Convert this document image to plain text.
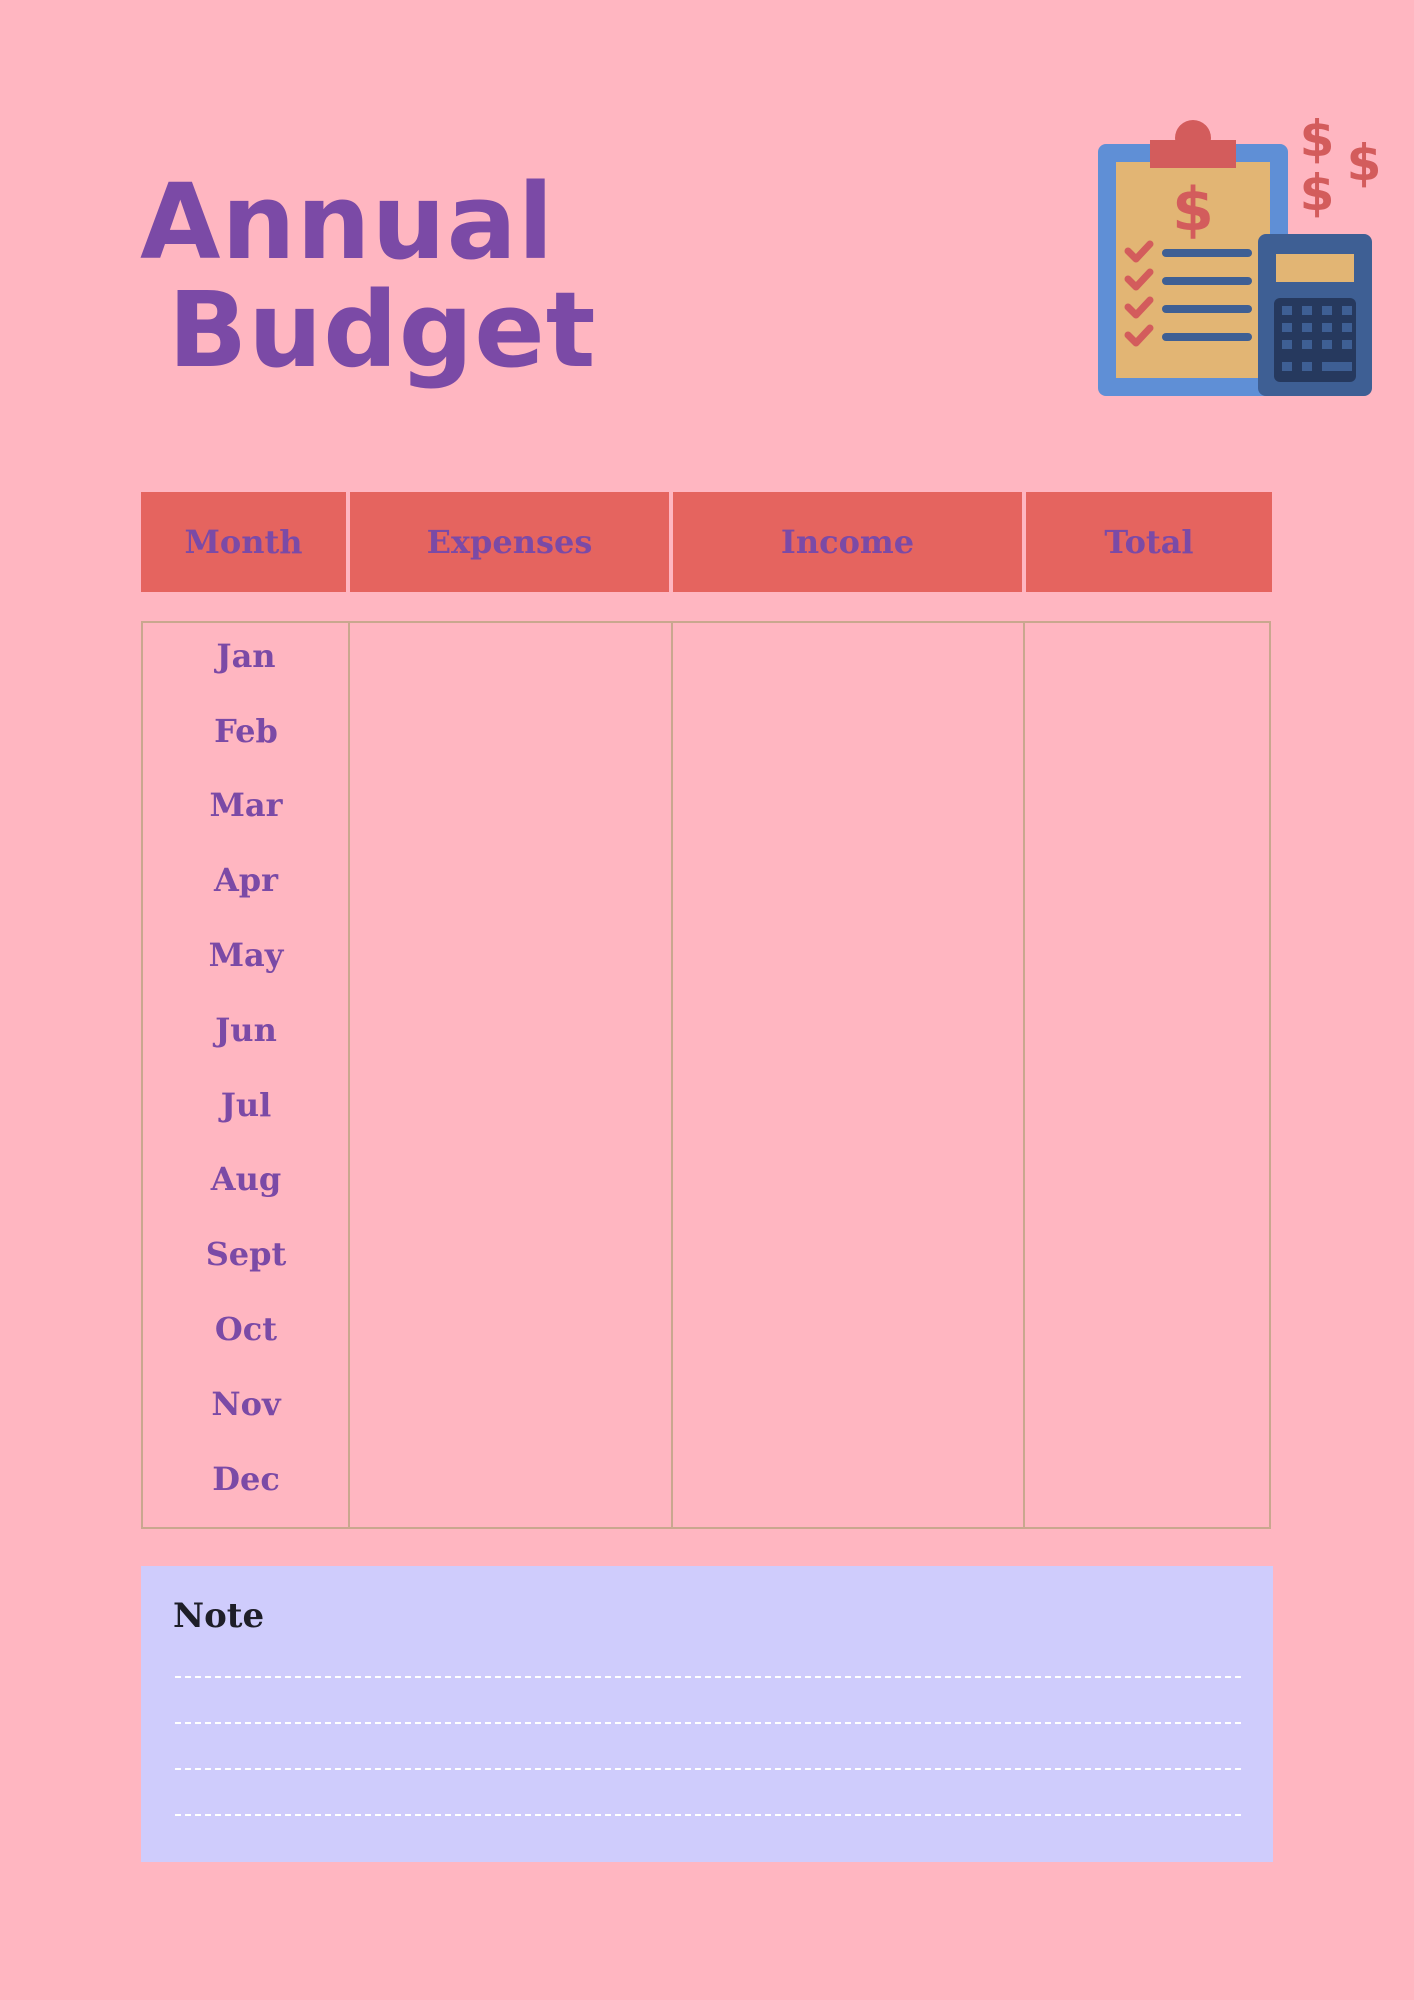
Annual
Budget
$
$ $
$
Month	Expenses	Income	Total
Jan
Feb
Mar
Apr
May
Jun
Jul
Aug
Sept
Oct
Nov
Dec
Note
